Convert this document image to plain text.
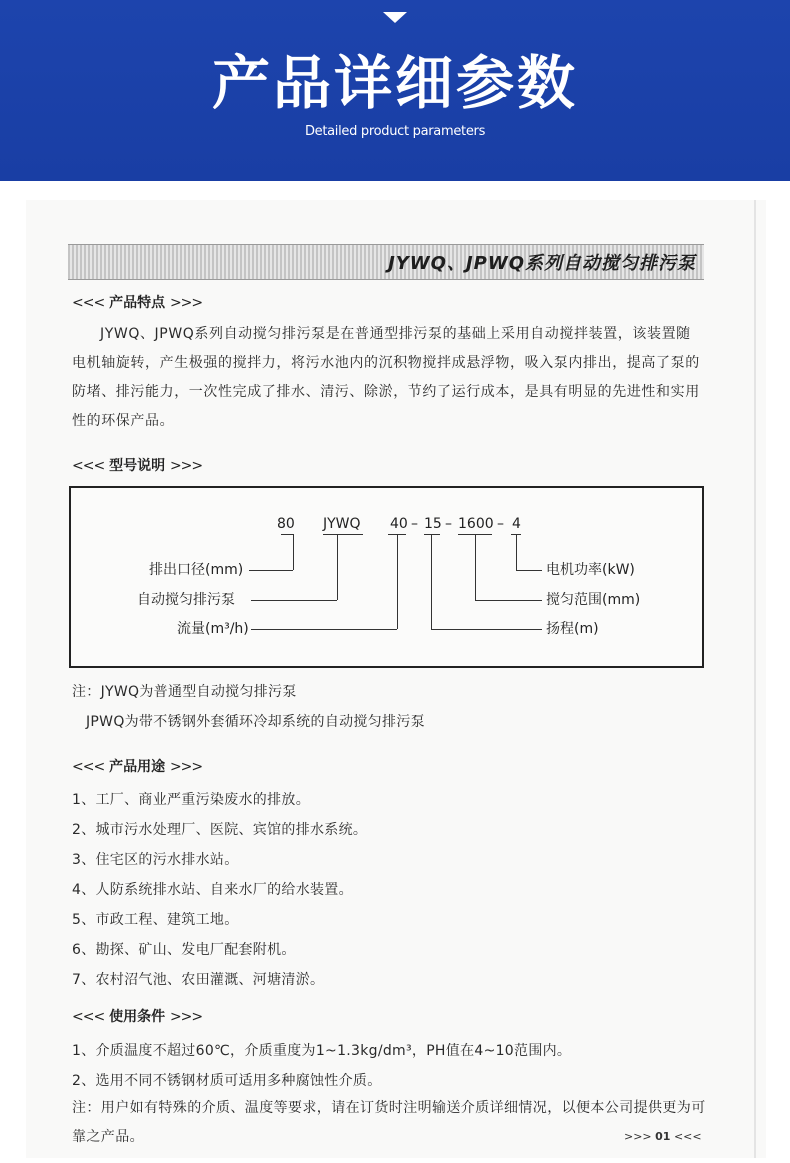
产品详细参数
Detailed product parameters
JYWQ、JPWQ系列自动搅匀排污泵
<<< 产品特点 >>>
JYWQ、JPWQ系列自动搅匀排污泵是在普通型排污泵的基础上采用自动搅拌装置，该装置随电机轴旋转，产生极强的搅拌力，将污水池内的沉积物搅拌成悬浮物，吸入泵内排出，提高了泵的防堵、排污能力，一次性完成了排水、清污、除淤，节约了运行成本，是具有明显的先进性和实用性的环保产品。
<<< 型号说明 >>>
80 JYWQ 40 – 15 – 1600 – 4
排出口径(mm)
自动搅匀排污泵
流量(m³/h)
电机功率(kW)
搅匀范围(mm)
扬程(m)
注：JYWQ为普通型自动搅匀排污泵
JPWQ为带不锈钢外套循环冷却系统的自动搅匀排污泵
<<< 产品用途 >>>
1、工厂、商业严重污染废水的排放。
2、城市污水处理厂、医院、宾馆的排水系统。
3、住宅区的污水排水站。
4、人防系统排水站、自来水厂的给水装置。
5、市政工程、建筑工地。
6、勘探、矿山、发电厂配套附机。
7、农村沼气池、农田灌溉、河塘清淤。
<<< 使用条件 >>>
1、介质温度不超过60℃，介质重度为1~1.3kg/dm³，PH值在4~10范围内。
2、选用不同不锈钢材质可适用多种腐蚀性介质。
注：用户如有特殊的介质、温度等要求，请在订货时注明输送介质详细情况，以便本公司提供更为可靠之产品。	>>> 01 <<<
